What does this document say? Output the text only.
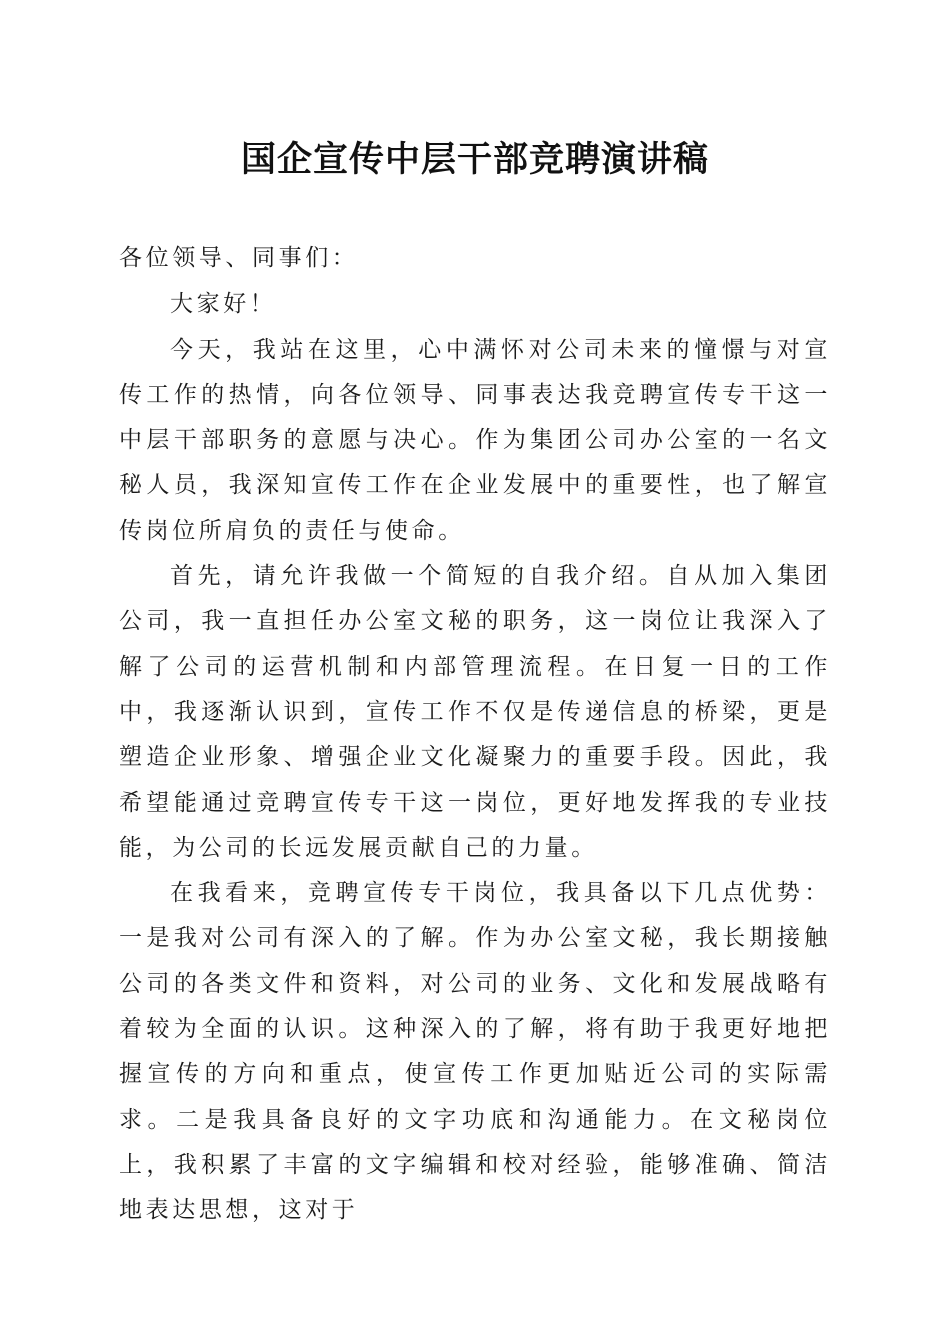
国企宣传中层干部竞聘演讲稿

各位领导、同事们：

大家好！

今天，我站在这里，心中满怀对公司未来的憧憬与对宣传工作的热情，向各位领导、同事表达我竞聘宣传专干这一中层干部职务的意愿与决心。作为集团公司办公室的一名文秘人员，我深知宣传工作在企业发展中的重要性，也了解宣传岗位所肩负的责任与使命。

首先，请允许我做一个简短的自我介绍。自从加入集团公司，我一直担任办公室文秘的职务，这一岗位让我深入了解了公司的运营机制和内部管理流程。在日复一日的工作中，我逐渐认识到，宣传工作不仅是传递信息的桥梁，更是塑造企业形象、增强企业文化凝聚力的重要手段。因此，我希望能通过竞聘宣传专干这一岗位，更好地发挥我的专业技能，为公司的长远发展贡献自己的力量。

在我看来，竞聘宣传专干岗位，我具备以下几点优势：一是我对公司有深入的了解。作为办公室文秘，我长期接触公司的各类文件和资料，对公司的业务、文化和发展战略有着较为全面的认识。这种深入的了解，将有助于我更好地把握宣传的方向和重点，使宣传工作更加贴近公司的实际需求。二是我具备良好的文字功底和沟通能力。在文秘岗位上，我积累了丰富的文字编辑和校对经验，能够准确、简洁地表达思想，这对于
